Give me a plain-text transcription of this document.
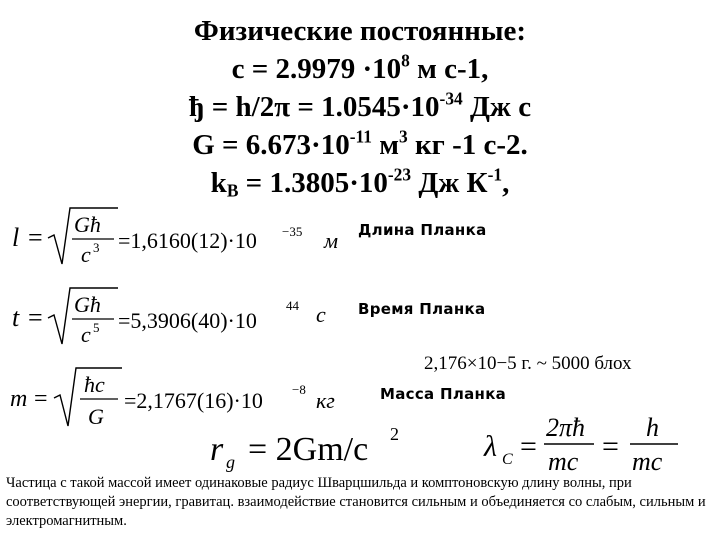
Физические постоянные:
$c = 2.9979 \cdot 10^8$ м с-1,
$ђ = h/2\pi = 1.0545\cdot 10^{-34}$ Дж с
$G = 6.673\cdot 10^{-11}$ $м^3$ кг -1 с-2.
$k_B = 1.3805\cdot 10^{-23}$ Дж $К^{-1}$,
l = Għ
c 3 =1,6160(12)·10 −35 м Длина Планка
t = Għ
c 5 =5,3906(40)·10
44 c Время Планка
2,176×10−5 г. ~ 5000 блох
m =
ħc
G
=2,1767(16)·10 −8 кг	Масса Планка
r g = 2Gm/c 2	λ C =
2πħ
mc =
h
mc
Частица с такой массой имеет одинаковые радиус Шварцшильда и комптоновскую длину волны, при соответствующей энергии, гравитац. взаимодействие становится сильным и объединяется со слабым, сильным и электромагнитным.
